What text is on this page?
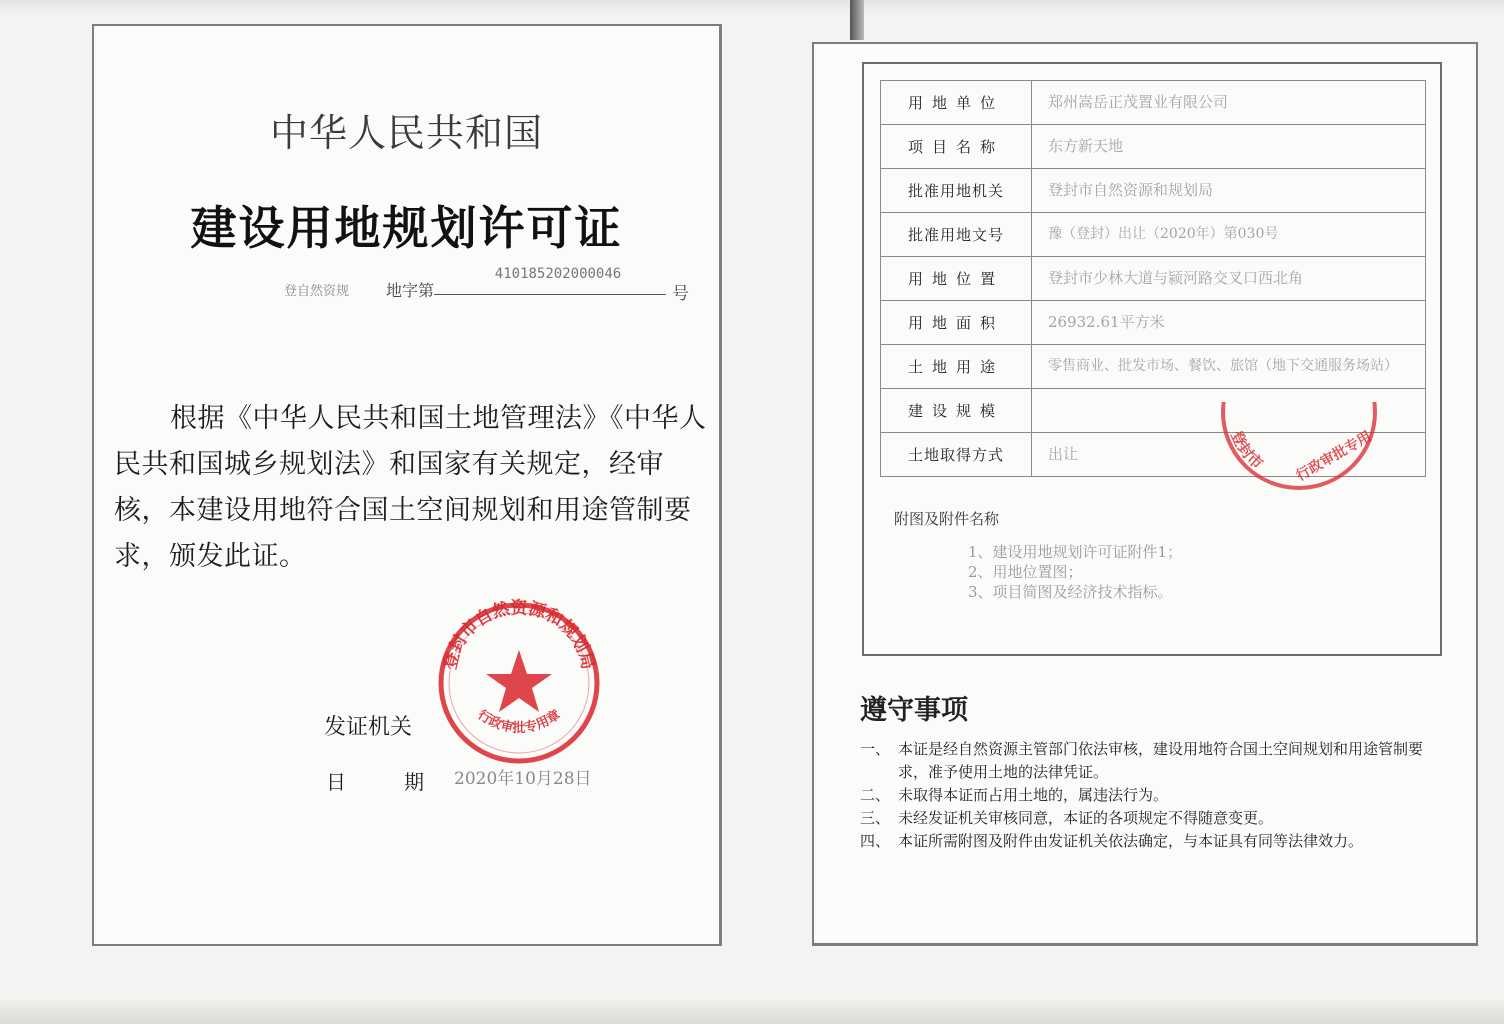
中华人民共和国
建设用地规划许可证
登自然资规 地字第
410185202000046
号
根据《中华人民共和国土地管理法》《中华人民共和国城乡规划法》和国家有关规定，经审核，本建设用地符合国土空间规划和用途管制要求，颁发此证。
登封市自然资源和规划局
行政审批专用章
发证机关
日期
2020年10月28日
用地单位	郑州嵩岳正茂置业有限公司
项目名称	东方新天地
批准用地机关	登封市自然资源和规划局
批准用地文号	豫（登封）出让（2020年）第030号
用地位置	登封市少林大道与颍河路交叉口西北角
用地面积	26932.61平方米
土地用途	零售商业、批发市场、餐饮、旅馆（地下交通服务场站）
建设规模	
土地取得方式	出让
登封市 行政审批专用
附图及附件名称
1、建设用地规划许可证附件1；
2、用地位置图；
3、项目简图及经济技术指标。
遵守事项
一、 本证是经自然资源主管部门依法审核，建设用地符合国土空间规划和用途管制要求，准予使用土地的法律凭证。
二、 未取得本证而占用土地的，属违法行为。
三、 未经发证机关审核同意，本证的各项规定不得随意变更。
四、 本证所需附图及附件由发证机关依法确定，与本证具有同等法律效力。
